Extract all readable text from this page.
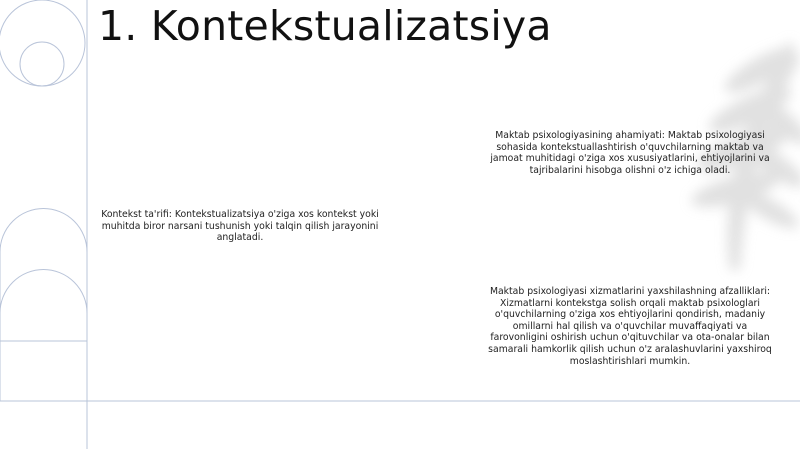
1. Kontekstualizatsiya

Kontekst ta'rifi: Kontekstualizatsiya o'ziga xos kontekst yoki muhitda biror narsani tushunish yoki talqin qilish jarayonini anglatadi.

Maktab psixologiyasining ahamiyati: Maktab psixologiyasi sohasida kontekstuallashtirish o'quvchilarning maktab va jamoat muhitidagi o'ziga xos xususiyatlarini, ehtiyojlarini va tajribalarini hisobga olishni o'z ichiga oladi.

Maktab psixologiyasi xizmatlarini yaxshilashning afzalliklari: Xizmatlarni kontekstga solish orqali maktab psixologlari o'quvchilarning o'ziga xos ehtiyojlarini qondirish, madaniy omillarni hal qilish va o'quvchilar muvaffaqiyati va farovonligini oshirish uchun o'qituvchilar va ota-onalar bilan samarali hamkorlik qilish uchun o'z aralashuvlarini yaxshiroq moslashtirishlari mumkin.
